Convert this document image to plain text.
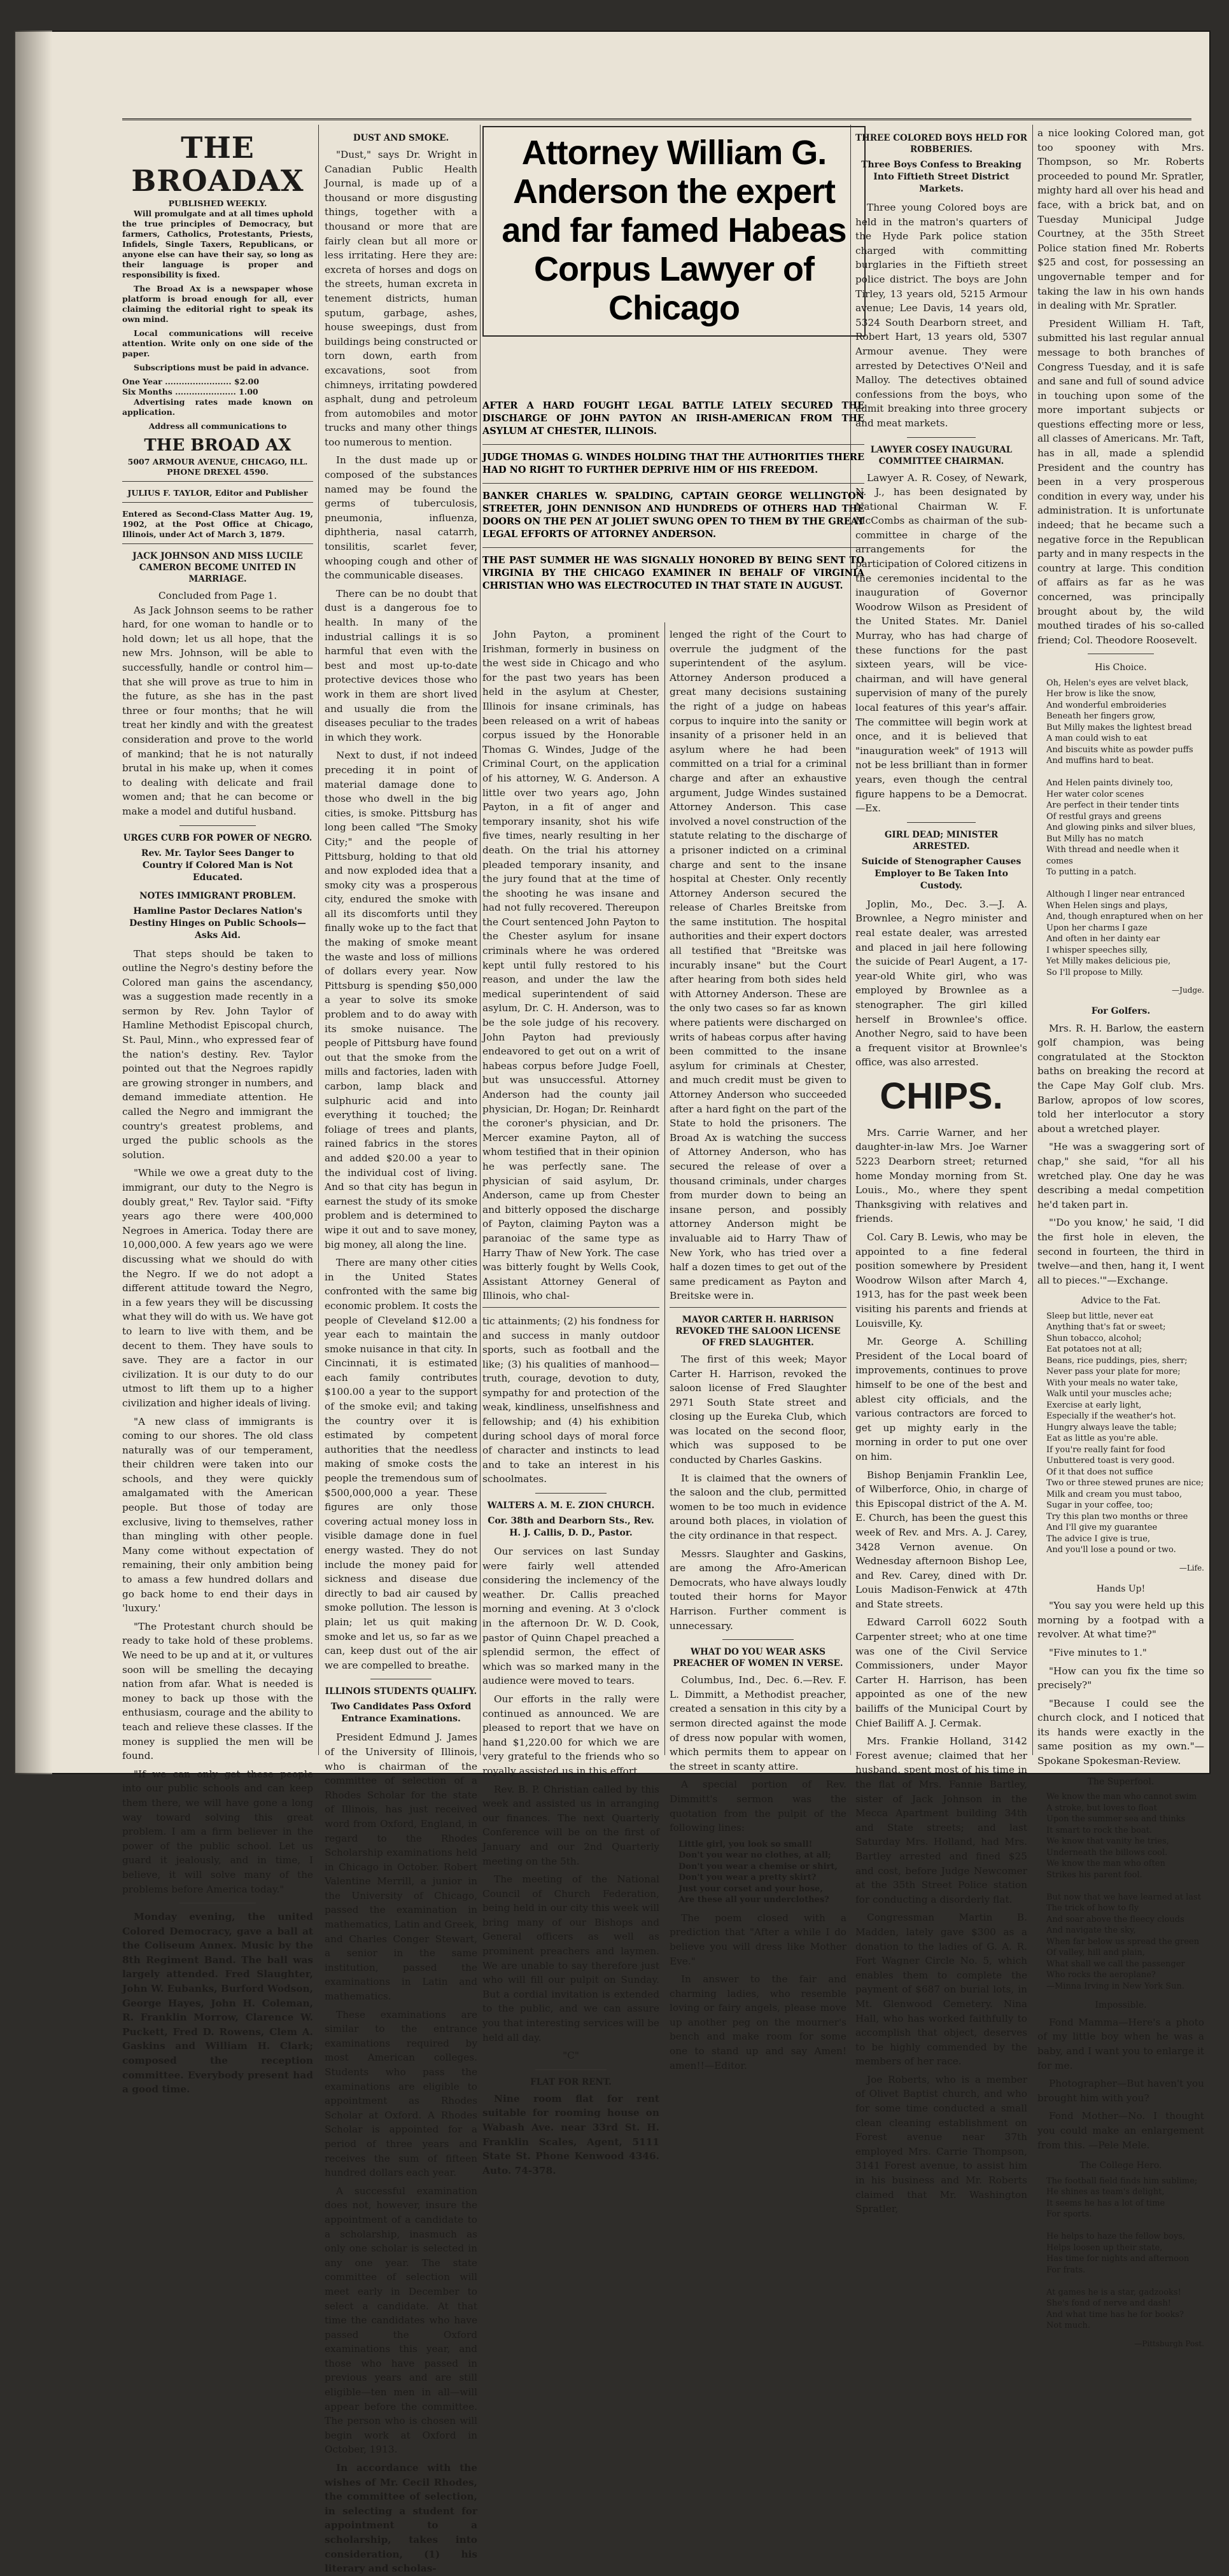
THE BROADAX
PUBLISHED WEEKLY.

Will promulgate and at all times uphold the true principles of Democracy, but farmers, Catholics, Protestants, Priests, Infidels, Single Taxers, Republicans, or anyone else can have their say, so long as their language is proper and responsibility is fixed.

The Broad Ax is a newspaper whose platform is broad enough for all, ever claiming the editorial right to speak its own mind.

Local communications will receive attention. Write only on one side of the paper.

Subscriptions must be paid in advance.

One Year ........................ $2.00
Six Months ...................... 1.00

Advertising rates made known on application.

Address all communications to
THE BROAD AX
5007 ARMOUR AVENUE, CHICAGO, ILL.
PHONE DREXEL 4590.
JULIUS F. TAYLOR, Editor and Publisher

Entered as Second-Class Matter Aug. 19, 1902, at the Post Office at Chicago, Illinois, under Act of March 3, 1879.

JACK JOHNSON AND MISS LUCILE CAMERON BECOME UNITED IN MARRIAGE.
Concluded from Page 1.

As Jack Johnson seems to be rather hard, for one woman to handle or to hold down; let us all hope, that the new Mrs. Johnson, will be able to successfully, handle or control him—that she will prove as true to him in the future, as she has in the past three or four months; that he will treat her kindly and with the greatest consideration and prove to the world of mankind; that he is not naturally brutal in his make up, when it comes to dealing with delicate and frail women and; that he can become or make a model and dutiful husband.

URGES CURB FOR POWER OF NEGRO.
Rev. Mr. Taylor Sees Danger to Country if Colored Man is Not Educated.
NOTES IMMIGRANT PROBLEM.
Hamline Pastor Declares Nation's Destiny Hinges on Public Schools—Asks Aid.

That steps should be taken to outline the Negro's destiny before the Colored man gains the ascendancy, was a suggestion made recently in a sermon by Rev. John Taylor of Hamline Methodist Episcopal church, St. Paul, Minn., who expressed fear of the nation's destiny. Rev. Taylor pointed out that the Negroes rapidly are growing stronger in numbers, and demand immediate attention. He called the Negro and immigrant the country's greatest problems, and urged the public schools as the solution.

"While we owe a great duty to the immigrant, our duty to the Negro is doubly great," Rev. Taylor said. "Fifty years ago there were 400,000 Negroes in America. Today there are 10,000,000. A few years ago we were discussing what we should do with the Negro. If we do not adopt a different attitude toward the Negro, in a few years they will be discussing what they will do with us. We have got to learn to live with them, and be decent to them. They have souls to save. They are a factor in our civilization. It is our duty to do our utmost to lift them up to a higher civilization and higher ideals of living.

"A new class of immigrants is coming to our shores. The old class naturally was of our temperament, their children were taken into our schools, and they were quickly amalgamated with the American people. But those of today are exclusive, living to themselves, rather than mingling with other people. Many come without expectation of remaining, their only ambition being to amass a few hundred dollars and go back home to end their days in 'luxury.'

"The Protestant church should be ready to take hold of these problems. We need to be up and at it, or vultures soon will be smelling the decaying nation from afar. What is needed is money to back up those with the enthusiasm, courage and the ability to teach and relieve these classes. If the money is supplied the men will be found.

"If we can only get these people into our public schools and can keep them there, we will have gone a long way toward solving this great problem. I am a firm believer in the power of the public school. Let us guard it jealously, and in time, I believe, it will solve many of the problems before America today."

Monday evening, the united Colored Democracy, gave a ball at the Coliseum Annex. Music by the 8th Regiment Band. The ball was largely attended. Fred Slaughter, John W. Eubanks, Burford Wodson, George Hayes, John H. Coleman, R. Franklin Morrow, Clarence W. Puckett, Fred D. Rowens, Clem A. Gaskins and William H. Clark; composed the reception committee. Everybody present had a good time.

DUST AND SMOKE.

"Dust," says Dr. Wright in Canadian Public Health Journal, is made up of a thousand or more disgusting things, together with a thousand or more that are fairly clean but all more or less irritating. Here they are: excreta of horses and dogs on the streets, human excreta in tenement districts, human sputum, garbage, ashes, house sweepings, dust from buildings being constructed or torn down, earth from excavations, soot from chimneys, irritating powdered asphalt, dung and petroleum from automobiles and motor trucks and many other things too numerous to mention.

In the dust made up or composed of the substances named may be found the germs of tuberculosis, pneumonia, influenza, diphtheria, nasal catarrh, tonsilitis, scarlet fever, whooping cough and other of the communicable diseases.

There can be no doubt that dust is a dangerous foe to health. In many of the industrial callings it is so harmful that even with the best and most up-to-date protective devices those who work in them are short lived and usually die from the diseases peculiar to the trades in which they work.

Next to dust, if not indeed preceding it in point of material damage done to those who dwell in the big cities, is smoke. Pittsburg has long been called "The Smoky City;" and the people of Pittsburg, holding to that old and now exploded idea that a smoky city was a prosperous city, endured the smoke with all its discomforts until they finally woke up to the fact that the making of smoke meant the waste and loss of millions of dollars every year. Now Pittsburg is spending $50,000 a year to solve its smoke problem and to do away with its smoke nuisance. The people of Pittsburg have found out that the smoke from the mills and factories, laden with carbon, lamp black and sulphuric acid and into everything it touched; the foliage of trees and plants, rained fabrics in the stores and added $20.00 a year to the individual cost of living. And so that city has begun in earnest the study of its smoke problem and is determined to wipe it out and to save money, big money, all along the line.

There are many other cities in the United States confronted with the same big economic problem. It costs the people of Cleveland $12.00 a year each to maintain the smoke nuisance in that city. In Cincinnati, it is estimated each family contributes $100.00 a year to the support of the smoke evil; and taking the country over it is estimated by competent authorities that the needless making of smoke costs the people the tremendous sum of $500,000,000 a year. These figures are only those covering actual money loss in visible damage done in fuel energy wasted. They do not include the money paid for sickness and disease due directly to bad air caused by smoke pollution. The lesson is plain; let us quit making smoke and let us, so far as we can, keep dust out of the air we are compelled to breathe.

ILLINOIS STUDENTS QUALIFY.
Two Candidates Pass Oxford Entrance Examinations.

President Edmund J. James of the University of Illinois, who is chairman of the committee of selection of a Rhodes Scholar for the state of Illinois, has just received word from Oxford, England, in regard to the Rhodes Scholarship examinations held in Chicago in October. Robert Valentine Merrill, a junior in the University of Chicago, passed the examination in mathematics, Latin and Greek, and Charles Conger Stewart, a senior in the same institution, passed the examinations in Latin and mathematics.

These examinations are similar to the entrance examinations required by most American colleges. Students who pass the examinations are eligible to appointment as Rhodes Scholar at Oxford. A Rhodes Scholar is appointed for a period of three years and receives the sum of fifteen hundred dollars each year.

A successful examination does not, however, insure the appointment of a candidate to a scholarship, inasmuch as only one scholar is selected in any one year. The state committee of selection will meet early in December to select a candidate. At that time the candidates who have passed the Oxford examinations this year, and those who have passed in previous years and are still eligible—ten men in all—will appear before the committee. The person who is chosen will begin work at Oxford in October, 1913.

In accordance with the wishes of Mr. Cecil Rhodes, the committee of selection, in selecting a student for appointment to a scholarship, takes into consideration, (1) his literary and scholas-

Attorney William G. Anderson the expert and far famed Habeas Corpus Lawyer of Chicago
AFTER A HARD FOUGHT LEGAL BATTLE LATELY SECURED THE DISCHARGE OF JOHN PAYTON AN IRISH-AMERICAN FROM THE ASYLUM AT CHESTER, ILLINOIS.
JUDGE THOMAS G. WINDES HOLDING THAT THE AUTHORITIES THERE HAD NO RIGHT TO FURTHER DEPRIVE HIM OF HIS FREEDOM.
BANKER CHARLES W. SPALDING, CAPTAIN GEORGE WELLINGTON STREETER, JOHN DENNISON AND HUNDREDS OF OTHERS HAD THE DOORS ON THE PEN AT JOLIET SWUNG OPEN TO THEM BY THE GREAT LEGAL EFFORTS OF ATTORNEY ANDERSON.
THE PAST SUMMER HE WAS SIGNALLY HONORED BY BEING SENT TO VIRGINIA BY THE CHICAGO EXAMINER IN BEHALF OF VIRGINIA CHRISTIAN WHO WAS ELECTROCUTED IN THAT STATE IN AUGUST.

John Payton, a prominent Irishman, formerly in business on the west side in Chicago and who for the past two years has been held in the asylum at Chester, Illinois for insane criminals, has been released on a writ of habeas corpus issued by the Honorable Thomas G. Windes, Judge of the Criminal Court, on the application of his attorney, W. G. Anderson. A little over two years ago, John Payton, in a fit of anger and temporary insanity, shot his wife five times, nearly resulting in her death. On the trial his attorney pleaded temporary insanity, and the jury found that at the time of the shooting he was insane and had not fully recovered. Thereupon the Court sentenced John Payton to the Chester asylum for insane criminals where he was ordered kept until fully restored to his reason, and under the law the medical superintendent of said asylum, Dr. C. H. Anderson, was to be the sole judge of his recovery. John Payton had previously endeavored to get out on a writ of habeas corpus before Judge Foell, but was unsuccessful. Attorney Anderson had the county jail physician, Dr. Hogan; Dr. Reinhardt the coroner's physician, and Dr. Mercer examine Payton, all of whom testified that in their opinion he was perfectly sane. The physician of said asylum, Dr. Anderson, came up from Chester and bitterly opposed the discharge of Payton, claiming Payton was a paranoiac of the same type as Harry Thaw of New York. The case was bitterly fought by Wells Cook, Assistant Attorney General of Illinois, who chal-

tic attainments; (2) his fondness for and success in manly outdoor sports, such as football and the like; (3) his qualities of manhood—truth, courage, devotion to duty, sympathy for and protection of the weak, kindliness, unselfishness and fellowship; and (4) his exhibition during school days of moral force of character and instincts to lead and to take an interest in his schoolmates.

WALTERS A. M. E. ZION CHURCH.
Cor. 38th and Dearborn Sts., Rev. H. J. Callis, D. D., Pastor.

Our services on last Sunday were fairly well attended considering the inclemency of the weather. Dr. Callis preached morning and evening. At 3 o'clock in the afternoon Dr. W. D. Cook, pastor of Quinn Chapel preached a splendid sermon, the effect of which was so marked many in the audience were moved to tears.

Our efforts in the rally were continued as announced. We are pleased to report that we have on hand $1,220.00 for which we are very grateful to the friends who so royally assisted us in this effort.

Rev. B. P. Christian called by this week and assisted us in arranging our finances. The next Quarterly Conference will be on the first of January and our 2nd Quarterly meeting on the 5th.

The meeting of the National Council of Church Federation, being held in our city this week will bring many of our Bishops and General officers as well as prominent preachers and laymen. We are unable to say therefore just who will fill our pulpit on Sunday. But a cordial invitation is extended to the public, and we can assure you that interesting services will be held all day.

"C"
FLAT FOR RENT.

Nine room flat for rent suitable for rooming house on Wabash Ave. near 33rd St. H. Franklin Scales, Agent, 5111 State St. Phone Kenwood 4346. Auto. 74-378.

lenged the right of the Court to overrule the judgment of the superintendent of the asylum. Attorney Anderson produced a great many decisions sustaining the right of a judge on habeas corpus to inquire into the sanity or insanity of a prisoner held in an asylum where he had been committed on a trial for a criminal charge and after an exhaustive argument, Judge Windes sustained Attorney Anderson. This case involved a novel construction of the statute relating to the discharge of a prisoner indicted on a criminal charge and sent to the insane hospital at Chester. Only recently Attorney Anderson secured the release of Charles Breitske from the same institution. The hospital authorities and their expert doctors all testified that "Breitske was incurably insane" but the Court after hearing from both sides held with Attorney Anderson. These are the only two cases so far as known where patients were discharged on writs of habeas corpus after having been committed to the insane asylum for criminals at Chester, and much credit must be given to Attorney Anderson who succeeded after a hard fight on the part of the State to hold the prisoners. The Broad Ax is watching the success of Attorney Anderson, who has secured the release of over a thousand criminals, under charges from murder down to being an insane person, and possibly attorney Anderson might be invaluable aid to Harry Thaw of New York, who has tried over a half a dozen times to get out of the same predicament as Payton and Breitske were in.

MAYOR CARTER H. HARRISON REVOKED THE SALOON LICENSE OF FRED SLAUGHTER.

The first of this week; Mayor Carter H. Harrison, revoked the saloon license of Fred Slaughter 2971 South State street and closing up the Eureka Club, which was located on the second floor, which was supposed to be conducted by Charles Gaskins.

It is claimed that the owners of the saloon and the club, permitted women to be too much in evidence around both places, in violation of the city ordinance in that respect.

Messrs. Slaughter and Gaskins, are among the Afro-American Democrats, who have always loudly touted their horns for Mayor Harrison. Further comment is unnecessary.

WHAT DO YOU WEAR ASKS PREACHER OF WOMEN IN VERSE.

Columbus, Ind., Dec. 6.—Rev. F. L. Dimmitt, a Methodist preacher, created a sensation in this city by a sermon directed against the mode of dress now popular with women, which permits them to appear on the street in scanty attire.

A special portion of Rev. Dimmitt's sermon was the quotation from the pulpit of the following lines:

Little girl, you look so small!
Don't you wear no clothes, at all;
Don't you wear a chemise or shirt,
Don't you wear a pretty skirt?
Just your corset and your hose,
Are these all your underclothes?

The poem closed with a prediction that "After a while I do believe you will dress like Mother Eve."

In answer to the fair and charming ladies, who resemble loving or fairy angels, please move up another peg on the mourner's bench and make room for some one to stand up and say Amen! amen!!—Editor.

THREE COLORED BOYS HELD FOR ROBBERIES.
Three Boys Confess to Breaking Into Fiftieth Street District Markets.

Three young Colored boys are held in the matron's quarters of the Hyde Park police station charged with committing burglaries in the Fiftieth street police district. The boys are John Tirley, 13 years old, 5215 Armour avenue; Lee Davis, 14 years old, 5324 South Dearborn street, and Robert Hart, 13 years old, 5307 Armour avenue. They were arrested by Detectives O'Neil and Malloy. The detectives obtained confessions from the boys, who admit breaking into three grocery and meat markets.

LAWYER COSEY INAUGURAL COMMITTEE CHAIRMAN.

Lawyer A. R. Cosey, of Newark, N. J., has been designated by National Chairman W. F. McCombs as chairman of the sub-committee in charge of the arrangements for the participation of Colored citizens in the ceremonies incidental to the inauguration of Governor Woodrow Wilson as President of the United States. Mr. Daniel Murray, who has had charge of these functions for the past sixteen years, will be vice-chairman, and will have general supervision of many of the purely local features of this year's affair. The committee will begin work at once, and it is believed that "inauguration week" of 1913 will not be less brilliant than in former years, even though the central figure happens to be a Democrat.—Ex.

GIRL DEAD; MINISTER ARRESTED.
Suicide of Stenographer Causes Employer to Be Taken Into Custody.

Joplin, Mo., Dec. 3.—J. A. Brownlee, a Negro minister and real estate dealer, was arrested and placed in jail here following the suicide of Pearl Augent, a 17-year-old White girl, who was employed by Brownlee as a stenographer. The girl killed herself in Brownlee's office. Another Negro, said to have been a frequent visitor at Brownlee's office, was also arrested.

CHIPS.

Mrs. Carrie Warner, and her daughter-in-law Mrs. Joe Warner 5223 Dearborn street; returned home Monday morning from St. Louis., Mo., where they spent Thanksgiving with relatives and friends.

Col. Cary B. Lewis, who may be appointed to a fine federal position somewhere by President Woodrow Wilson after March 4, 1913, has for the past week been visiting his parents and friends at Louisville, Ky.

Mr. George A. Schilling President of the Local board of improvements, continues to prove himself to be one of the best and ablest city officials, and the various contractors are forced to get up mighty early in the morning in order to put one over on him.

Bishop Benjamin Franklin Lee, of Wilberforce, Ohio, in charge of this Episcopal district of the A. M. E. Church, has been the guest this week of Rev. and Mrs. A. J. Carey, 3428 Vernon avenue. On Wednesday afternoon Bishop Lee, and Rev. Carey, dined with Dr. Louis Madison-Fenwick at 47th and State streets.

Edward Carroll 6022 South Carpenter street; who at one time was one of the Civil Service Commissioners, under Mayor Carter H. Harrison, has been appointed as one of the new bailiffs of the Municipal Court by Chief Bailiff A. J. Cermak.

Mrs. Frankie Holland, 3142 Forest avenue; claimed that her husband, spent most of his time in the flat of Mrs. Fannie Bartley, sister of Jack Johnson in the Mecca Apartment building 34th and State streets; and last Saturday Mrs. Holland, had Mrs. Bartley arrested and fined $25 and cost, before Judge Newcomer at the 35th Street Police station for conducting a disorderly flat.

Congressman Martin B. Madden, lately gave $300 as a donation to the ladies of G. A. R. Fort Wagner Circle No. 5, which enables them to complete the payment of $687 on burial lots, in Mt. Glenwood Cemetery. Nina Hall, who has worked faithfully to accomplish that object, deserves to be highly commended by the members of her race.

Joe Roberts, who is a member of Olivet Baptist church, and who for some time conducted a small clean cleaning establishment on Forest avenue near 37th employed Mrs. Carrie Thompson, 3141 Forest avenue, to assist him in his business and Mr. Roberts claimed that Mr. Washington Spratler,

a nice looking Colored man, got too spooney with Mrs. Thompson, so Mr. Roberts proceeded to pound Mr. Spratler, mighty hard all over his head and face, with a brick bat, and on Tuesday Municipal Judge Courtney, at the 35th Street Police station fined Mr. Roberts $25 and cost, for possessing an ungovernable temper and for taking the law in his own hands in dealing with Mr. Spratler.

President William H. Taft, submitted his last regular annual message to both branches of Congress Tuesday, and it is safe and sane and full of sound advice in touching upon some of the more important subjects or questions effecting more or less, all classes of Americans. Mr. Taft, has in all, made a splendid President and the country has been in a very prosperous condition in every way, under his administration. It is unfortunate indeed; that he became such a negative force in the Republican party and in many respects in the country at large. This condition of affairs as far as he was concerned, was principally brought about by, the wild mouthed tirades of his so-called friend; Col. Theodore Roosevelt.

His Choice.
Oh, Helen's eyes are velvet black,
Her brow is like the snow,
And wonderful embroideries
Beneath her fingers grow,
But Milly makes the lightest bread
A man could wish to eat
And biscuits white as powder puffs
And muffins hard to beat.

And Helen paints divinely too,
Her water color scenes
Are perfect in their tender tints
Of restful grays and greens
And glowing pinks and silver blues,
But Milly has no match
With thread and needle when it comes
To putting in a patch.

Although I linger near entranced
When Helen sings and plays,
And, though enraptured when on her
Upon her charms I gaze
And often in her dainty ear
I whisper speeches silly,
Yet Milly makes delicious pie,
So I'll propose to Milly.
—Judge.
For Golfers.

Mrs. R. H. Barlow, the eastern golf champion, was being congratulated at the Stockton baths on breaking the record at the Cape May Golf club. Mrs. Barlow, apropos of low scores, told her interlocutor a story about a wretched player.

"He was a swaggering sort of chap," she said, "for all his wretched play. One day he was describing a medal competition he'd taken part in.

"'Do you know,' he said, 'I did the first hole in eleven, the second in fourteen, the third in twelve—and then, hang it, I went all to pieces.'"—Exchange.

Advice to the Fat.
Sleep but little, never eat
Anything that's fat or sweet;
Shun tobacco, alcohol;
Eat potatoes not at all;
Beans, rice puddings, pies, sherr;
Never pass your plate for more;
With your meals no water take,
Walk until your muscles ache;
Exercise at early light,
Especially if the weather's hot.
Hungry always leave the table;
Eat as little as you're able.
If you're really faint for food
Unbuttered toast is very good.
Of it that does not suffice
Two or three stewed prunes are nice;
Milk and cream you must taboo,
Sugar in your coffee, too;
Try this plan two months or three
And I'll give my guarantee
The advice I give is true,
And you'll lose a pound or two.
—Life.
Hands Up!

"You say you were held up this morning by a footpad with a revolver. At what time?"

"Five minutes to 1."

"How can you fix the time so precisely?"

"Because I could see the church clock, and I noticed that its hands were exactly in the same position as my own."—Spokane Spokesman-Review.

The Superfool.
We know the man who cannot swim
A stroke, but loves to float
Upon the summer sea and thinks
It smart to rock the boat.
We know that vanity he tries,
Underneath the billows cool.
We know the man who often
Strikes his parent fool.

But now that we have learned at last
The trick of how to fly
And soar above the fleecy clouds
And navigate the sky,
When far below us spread the green
Of valley, hill and plain,
What shall we call the passenger
Who rocks the aeroplane?
—Minna Irving in New York Sun.
Impossible.

Fond Mamma—Here's a photo of my little boy when he was a baby, and I want you to enlarge it for me.

Photographer—But haven't you brought him with you?

Fond Mother—No. I thought you could make an enlargement from this. —Pele Mele.

The College Hero.
The football field finds him sublime;
He shines as team's delight,
It seems he has a lot of time
For sports.

He helps to haze the fellow boys,
Helps loosen up their state,
Has time for nights and afternoon
For frats.

At games he is a star, gadzooks!
She's fond of nerve and dash!
And what time has he for books?
Not much.
—Pittsburgh Post.
